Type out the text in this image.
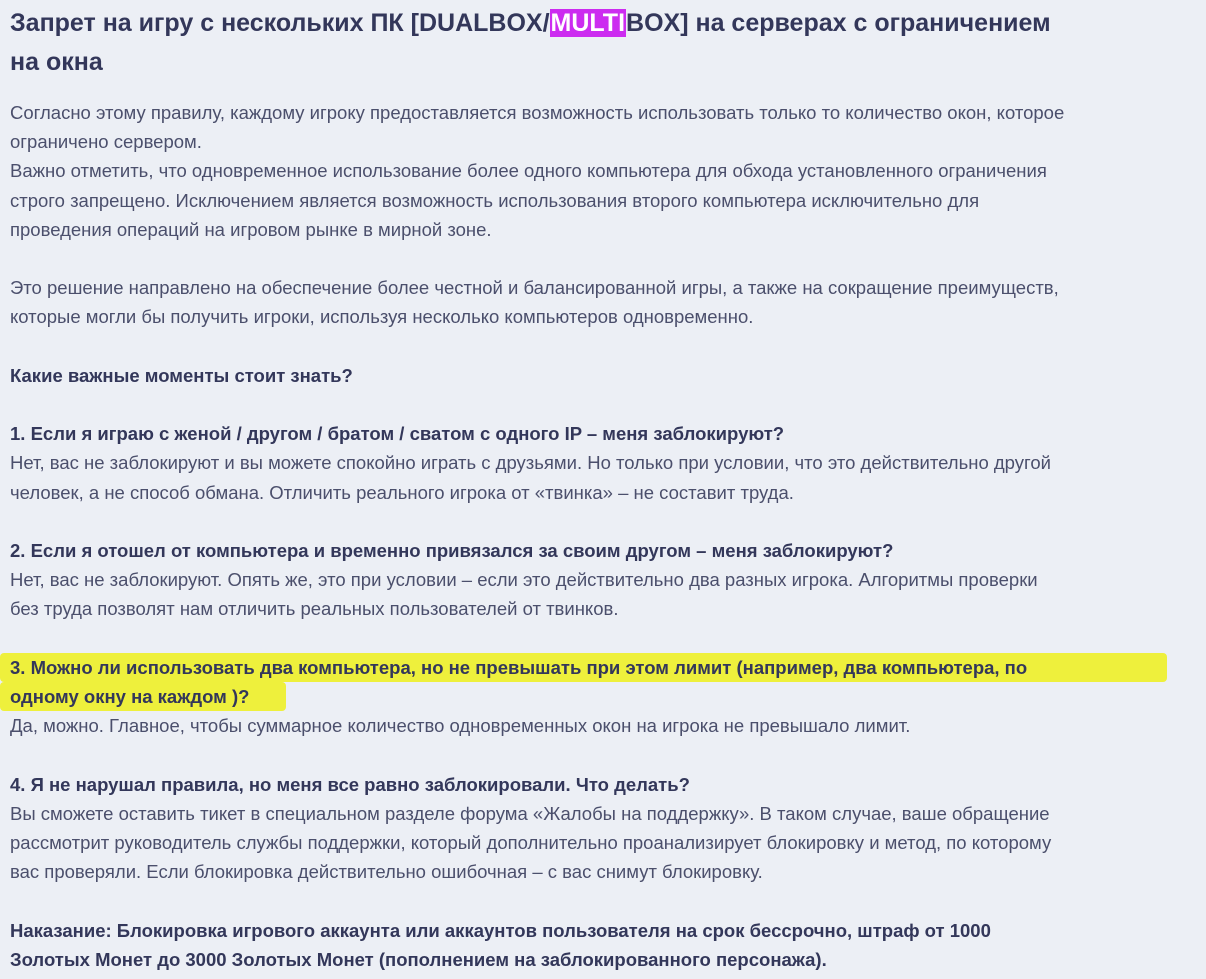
Запрет на игру с нескольких ПК [DUALBOX/MULTIBOX] на серверах с ограничением
на окна
Согласно этому правилу, каждому игроку предоставляется возможность использовать только то количество окон, которое
ограничено сервером.
Важно отметить, что одновременное использование более одного компьютера для обхода установленного ограничения
строго запрещено. Исключением является возможность использования второго компьютера исключительно для
проведения операций на игровом рынке в мирной зоне.
Это решение направлено на обеспечение более честной и балансированной игры, а также на сокращение преимуществ,
которые могли бы получить игроки, используя несколько компьютеров одновременно.
Какие важные моменты стоит знать?
1. Если я играю с женой / другом / братом / сватом с одного IP – меня заблокируют?
Нет, вас не заблокируют и вы можете спокойно играть с друзьями. Но только при условии, что это действительно другой
человек, а не способ обмана. Отличить реального игрока от «твинка» – не составит труда.
2. Если я отошел от компьютера и временно привязался за своим другом – меня заблокируют?
Нет, вас не заблокируют. Опять же, это при условии – если это действительно два разных игрока. Алгоритмы проверки
без труда позволят нам отличить реальных пользователей от твинков.
3. Можно ли использовать два компьютера, но не превышать при этом лимит (например, два компьютера, по
одному окну на каждом )?
Да, можно. Главное, чтобы суммарное количество одновременных окон на игрока не превышало лимит.
4. Я не нарушал правила, но меня все равно заблокировали. Что делать?
Вы сможете оставить тикет в специальном разделе форума «Жалобы на поддержку». В таком случае, ваше обращение
рассмотрит руководитель службы поддержки, который дополнительно проанализирует блокировку и метод, по которому
вас проверяли. Если блокировка действительно ошибочная – с вас снимут блокировку.
Наказание: Блокировка игрового аккаунта или аккаунтов пользователя на срок бессрочно, штраф от 1000
Золотых Монет до 3000 Золотых Монет (пополнением на заблокированного персонажа).
